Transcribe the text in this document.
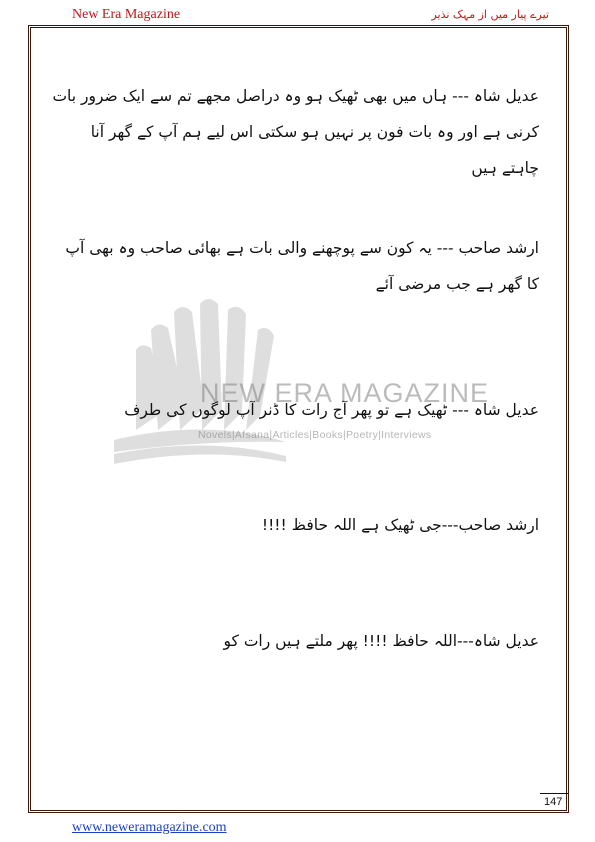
New Era Magazine	تیرے پیار میں از مہک نذیر
NEW ERA MAGAZINE
Novels|Afsana|Articles|Books|Poetry|Interviews
عدیل شاہ --- ہاں میں بھی ٹھیک ہو وہ دراصل مجھے تم سے ایک ضرور بات کرنی ہے اور وہ بات فون پر نہیں ہو سکتی اس لیے ہم آپ کے گھر آنا چاہتے ہیں
ارشد صاحب --- یہ کون سے پوچھنے والی بات ہے بھائی صاحب وہ بھی آپ کا گھر ہے جب مرضی آئے
عدیل شاہ --- ٹھیک ہے تو پھر آج رات کا ڈنر آپ لوگوں کی طرف
ارشد صاحب---جی ٹھیک ہے اللہ حافظ !!!!
عدیل شاہ---اللہ حافظ !!!! پھر ملتے ہیں رات کو
147
www.neweramagazine.com
